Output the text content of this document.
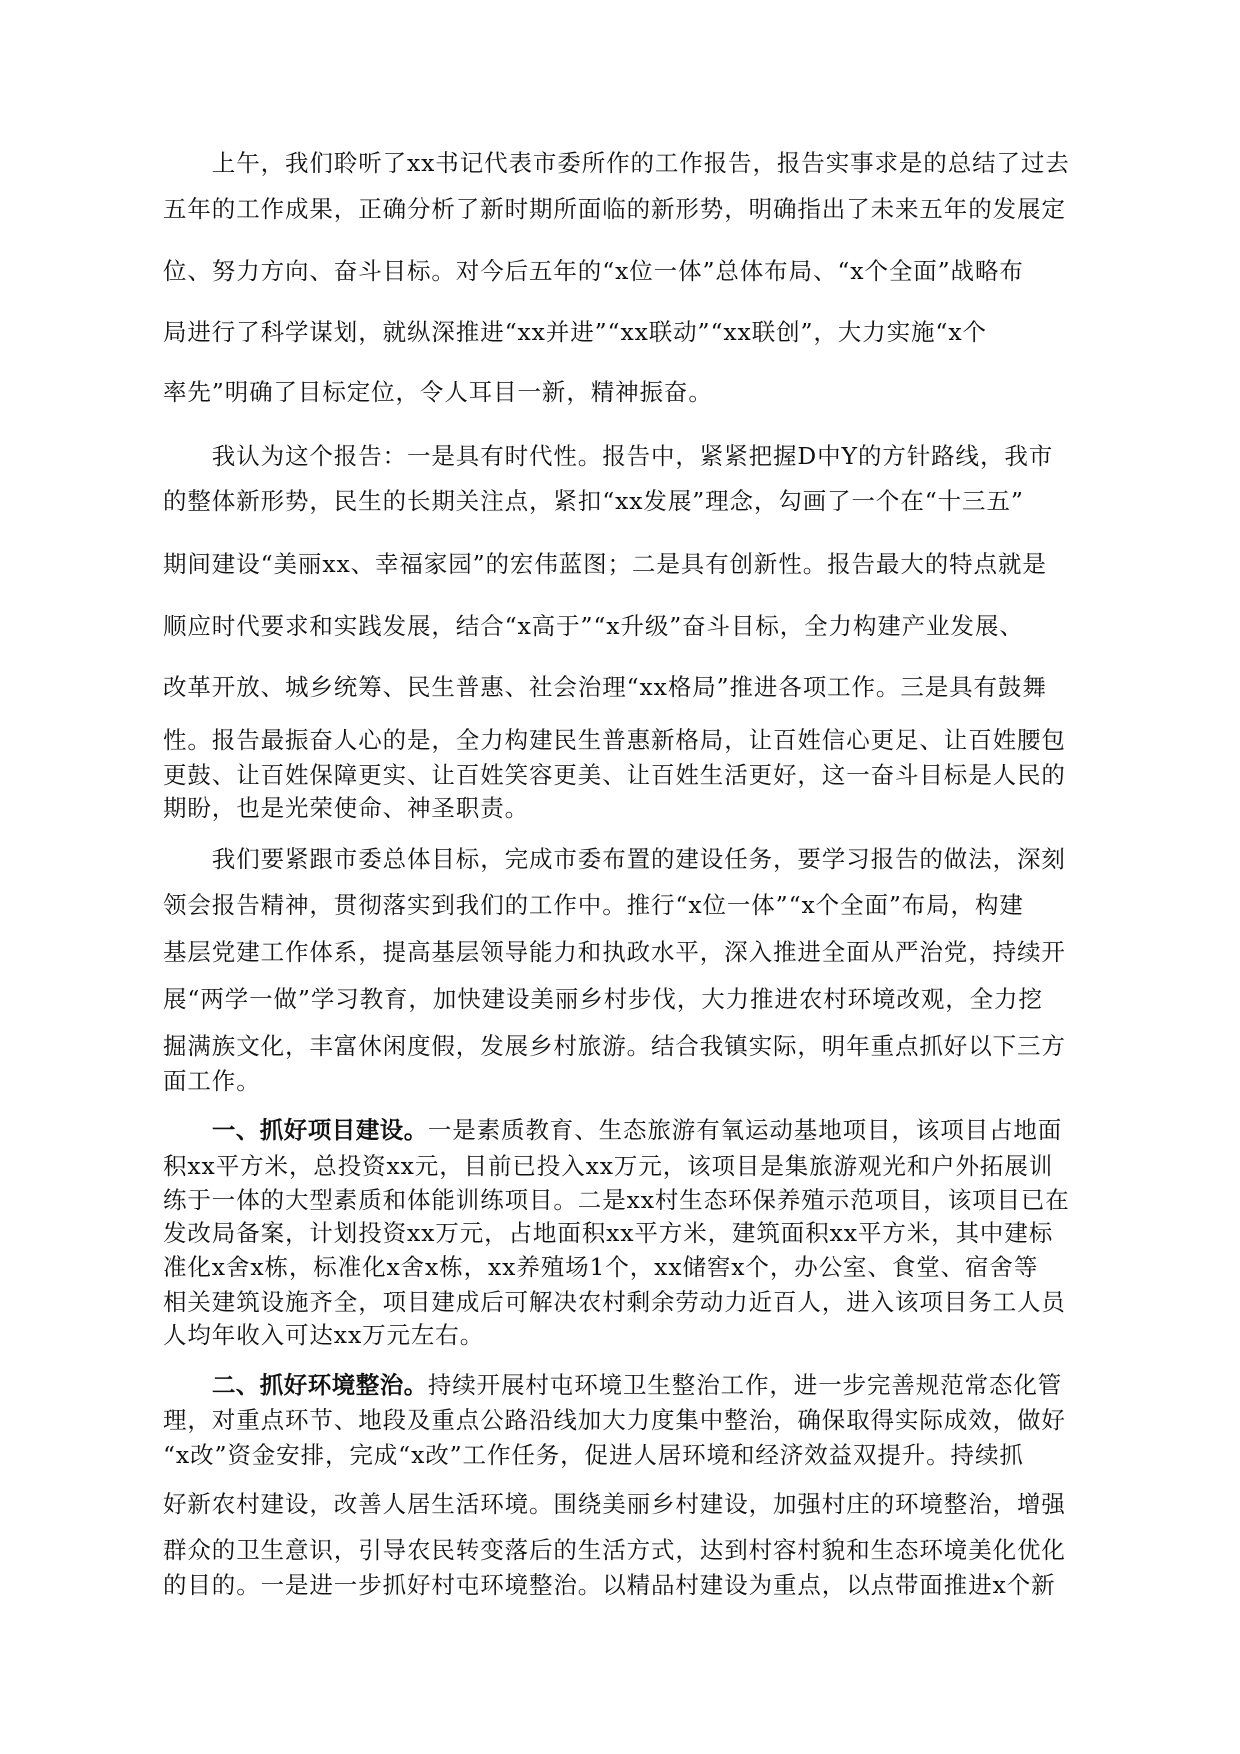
　　上午，我们聆听了xx书记代表市委所作的工作报告，报告实事求是的总结了过去
五年的工作成果，正确分析了新时期所面临的新形势，明确指出了未来五年的发展定
位、努力方向、奋斗目标。对今后五年的“x位一体”总体布局、“x个全面”战略布
局进行了科学谋划，就纵深推进“xx并进”“xx联动”“xx联创”，大力实施“x个
率先”明确了目标定位，令人耳目一新，精神振奋。
　　我认为这个报告：一是具有时代性。报告中，紧紧把握D中Y的方针路线，我市
的整体新形势，民生的长期关注点，紧扣“xx发展”理念，勾画了一个在“十三五”
期间建设“美丽xx、幸福家园”的宏伟蓝图；二是具有创新性。报告最大的特点就是
顺应时代要求和实践发展，结合“x高于”“x升级”奋斗目标，全力构建产业发展、
改革开放、城乡统筹、民生普惠、社会治理“xx格局”推进各项工作。三是具有鼓舞
性。报告最振奋人心的是，全力构建民生普惠新格局，让百姓信心更足、让百姓腰包
更鼓、让百姓保障更实、让百姓笑容更美、让百姓生活更好，这一奋斗目标是人民的
期盼，也是光荣使命、神圣职责。
　　我们要紧跟市委总体目标，完成市委布置的建设任务，要学习报告的做法，深刻
领会报告精神，贯彻落实到我们的工作中。推行“x位一体”“x个全面”布局，构建
基层党建工作体系，提高基层领导能力和执政水平，深入推进全面从严治党，持续开
展“两学一做”学习教育，加快建设美丽乡村步伐，大力推进农村环境改观，全力挖
掘满族文化，丰富休闲度假，发展乡村旅游。结合我镇实际，明年重点抓好以下三方
面工作。
　　一、抓好项目建设。一是素质教育、生态旅游有氧运动基地项目，该项目占地面
积xx平方米，总投资xx元，目前已投入xx万元，该项目是集旅游观光和户外拓展训
练于一体的大型素质和体能训练项目。二是xx村生态环保养殖示范项目，该项目已在
发改局备案，计划投资xx万元，占地面积xx平方米，建筑面积xx平方米，其中建标
准化x舍x栋，标准化x舍x栋，xx养殖场1个，xx储窖x个，办公室、食堂、宿舍等
相关建筑设施齐全，项目建成后可解决农村剩余劳动力近百人，进入该项目务工人员
人均年收入可达xx万元左右。
　　二、抓好环境整治。持续开展村屯环境卫生整治工作，进一步完善规范常态化管
理，对重点环节、地段及重点公路沿线加大力度集中整治，确保取得实际成效，做好
“x改”资金安排，完成“x改”工作任务，促进人居环境和经济效益双提升。持续抓
好新农村建设，改善人居生活环境。围绕美丽乡村建设，加强村庄的环境整治，增强
群众的卫生意识，引导农民转变落后的生活方式，达到村容村貌和生态环境美化优化
的目的。一是进一步抓好村屯环境整治。以精品村建设为重点，以点带面推进x个新
